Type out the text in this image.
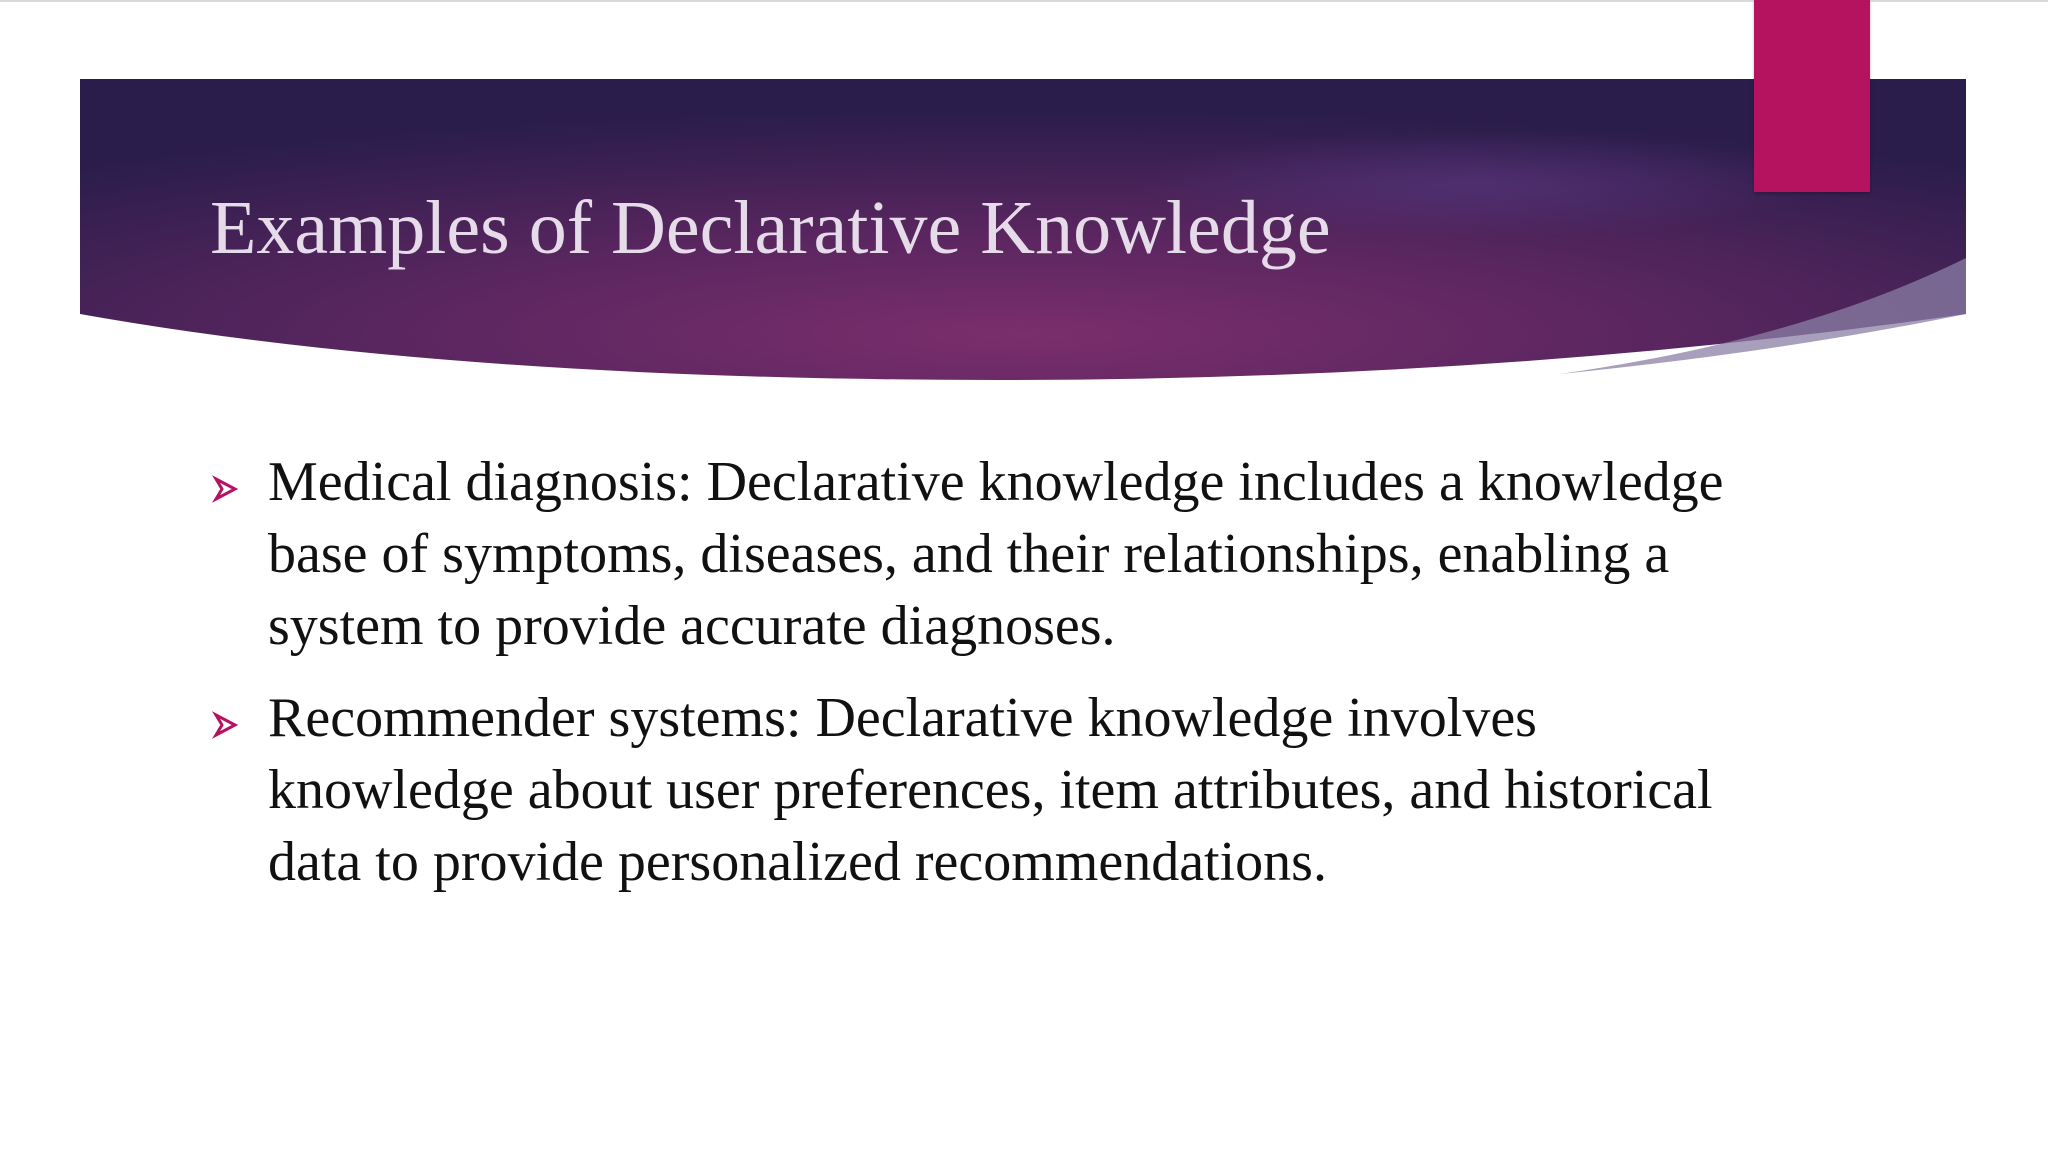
Examples of Declarative Knowledge
Medical diagnosis: Declarative knowledge includes a knowledge base of symptoms, diseases, and their relationships, enabling a system to provide accurate diagnoses.
Recommender systems: Declarative knowledge involves knowledge about user preferences, item attributes, and historical data to provide personalized recommendations.
